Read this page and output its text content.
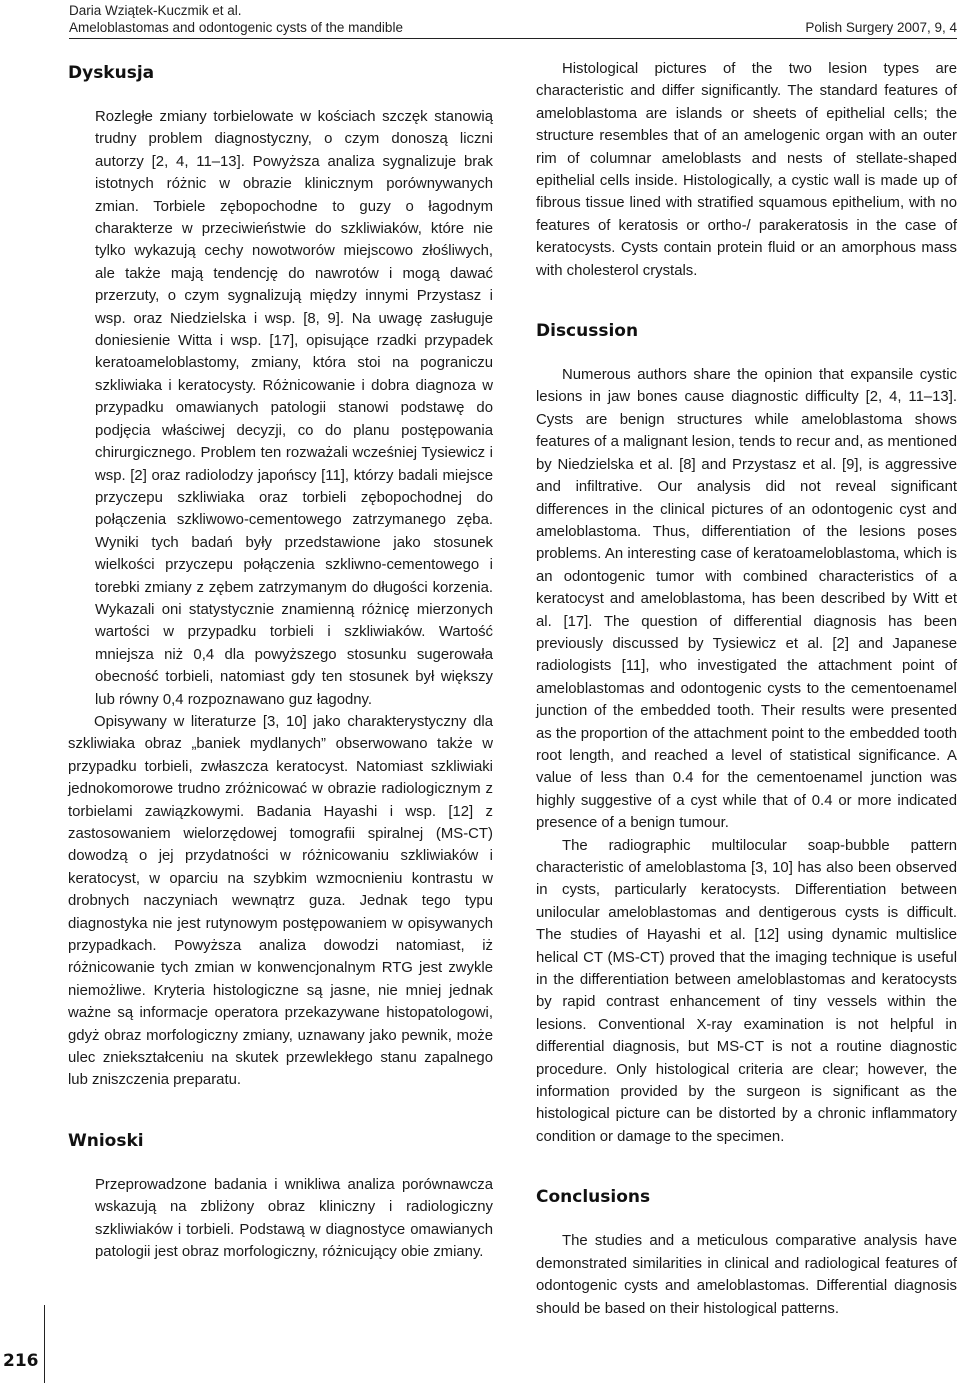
Daria Wziątek-Kuczmik et al.
Ameloblastomas and odontogenic cysts of the mandible	Polish Surgery 2007, 9, 4
Dyskusja

Rozległe zmiany torbielowate w kościach szczęk stanowią trudny problem diagnostyczny, o czym donoszą liczni autorzy [2, 4, 11–13]. Powyższa analiza sygnalizuje brak istotnych różnic w obrazie klinicznym porównywanych zmian. Torbiele zębopochodne to guzy o łagodnym charakterze w przeciwieństwie do szkliwiaków, które nie tylko wykazują cechy nowotworów miejscowo złośliwych, ale także mają tendencję do nawrotów i mogą dawać przerzuty, o czym sygnalizują między innymi Przystasz i wsp. oraz Niedzielska i wsp. [8, 9]. Na uwagę zasługuje doniesienie Witta i wsp. [17], opisujące rzadki przypadek keratoameloblastomy, zmiany, która stoi na pograniczu szkliwiaka i keratocysty. Różnicowanie i dobra diagnoza w przypadku omawianych patologii stanowi podstawę do podjęcia właściwej decyzji, co do planu postępowania chirurgicznego. Problem ten rozważali wcześniej Tysiewicz i wsp. [2] oraz radiolodzy japońscy [11], którzy badali miejsce przyczepu szkliwiaka oraz torbieli zębopochodnej do połączenia szkliwowo-cementowego zatrzymanego zęba. Wyniki tych badań były przedstawione jako stosunek wielkości przyczepu połączenia szkliwno-cementowego i torebki zmiany z zębem zatrzymanym do długości korzenia. Wykazali oni statystycznie znamienną różnicę mierzonych wartości w przypadku torbieli i szkliwiaków. Wartość mniejsza niż 0,4 dla powyższego stosunku sugerowała obecność torbieli, natomiast gdy ten stosunek był większy lub równy 0,4 rozpoznawano guz łagodny.

Opisywany w literaturze [3, 10] jako charakterystyczny dla szkliwiaka obraz „baniek mydlanych” obserwowano także w przypadku torbieli, zwłaszcza keratocyst. Natomiast szkliwiaki jednokomorowe trudno zróżnicować w obrazie radiologicznym z torbielami zawiązkowymi. Badania Hayashi i wsp. [12] z zastosowaniem wielorzędowej tomografii spiralnej (MS-CT) dowodzą o jej przydatności w różnicowaniu szkliwiaków i keratocyst, w oparciu na szybkim wzmocnieniu kontrastu w drobnych naczyniach wewnątrz guza. Jednak tego typu diagnostyka nie jest rutynowym postępowaniem w opisywanych przypadkach. Powyższa analiza dowodzi natomiast, iż różnicowanie tych zmian w konwencjonalnym RTG jest zwykle niemożliwe. Kryteria histologiczne są jasne, nie mniej jednak ważne są informacje operatora przekazywane histopatologowi, gdyż obraz morfologiczny zmiany, uznawany jako pewnik, może ulec zniekształceniu na skutek przewlekłego stanu zapalnego lub zniszczenia preparatu.

Wnioski

Przeprowadzone badania i wnikliwa analiza porównawcza wskazują na zbliżony obraz kliniczny i radiologiczny szkliwiaków i torbieli. Podstawą w diagnostyce omawianych patologii jest obraz morfologiczny, różnicujący obie zmiany.

Histological pictures of the two lesion types are characteristic and differ significantly. The standard features of ameloblastoma are islands or sheets of epithelial cells; the structure resembles that of an amelogenic organ with an outer rim of columnar ameloblasts and nests of stellate-shaped epithelial cells inside. Histologically, a cystic wall is made up of fibrous tissue lined with stratified squamous epithelium, with no features of keratosis or ortho-/ parakeratosis in the case of keratocysts. Cysts contain protein fluid or an amorphous mass with cholesterol crystals.

Discussion

Numerous authors share the opinion that expansile cystic lesions in jaw bones cause diagnostic difficulty [2, 4, 11–13]. Cysts are benign structures while ameloblastoma shows features of a malignant lesion, tends to recur and, as mentioned by Niedzielska et al. [8] and Przystasz et al. [9], is aggressive and infiltrative. Our analysis did not reveal significant differences in the clinical pictures of an odontogenic cyst and ameloblastoma. Thus, differentiation of the lesions poses problems. An interesting case of keratoameloblastoma, which is an odontogenic tumor with combined characteristics of a keratocyst and ameloblastoma, has been described by Witt et al. [17]. The question of differential diagnosis has been previously discussed by Tysiewicz et al. [2] and Japanese radiologists [11], who investigated the attachment point of ameloblastomas and odontogenic cysts to the cementoenamel junction of the embedded tooth. Their results were presented as the proportion of the attachment point to the embedded tooth root length, and reached a level of statistical significance. A value of less than 0.4 for the cementoenamel junction was highly suggestive of a cyst while that of 0.4 or more indicated presence of a benign tumour.

The radiographic multilocular soap-bubble pattern characteristic of ameloblastoma [3, 10] has also been observed in cysts, particularly keratocysts. Differentiation between unilocular ameloblastomas and dentigerous cysts is difficult. The studies of Hayashi et al. [12] using dynamic multislice helical CT (MS-CT) proved that the imaging technique is useful in the differentiation between ameloblastomas and keratocysts by rapid contrast enhancement of tiny vessels within the lesions. Conventional X-ray examination is not helpful in differential diagnosis, but MS-CT is not a routine diagnostic procedure. Only histological criteria are clear; however, the information provided by the surgeon is significant as the histological picture can be distorted by a chronic inflammatory condition or damage to the specimen.

Conclusions

The studies and a meticulous comparative analysis have demonstrated similarities in clinical and radiological features of odontogenic cysts and ameloblastomas. Differential diagnosis should be based on their histological patterns.

216
